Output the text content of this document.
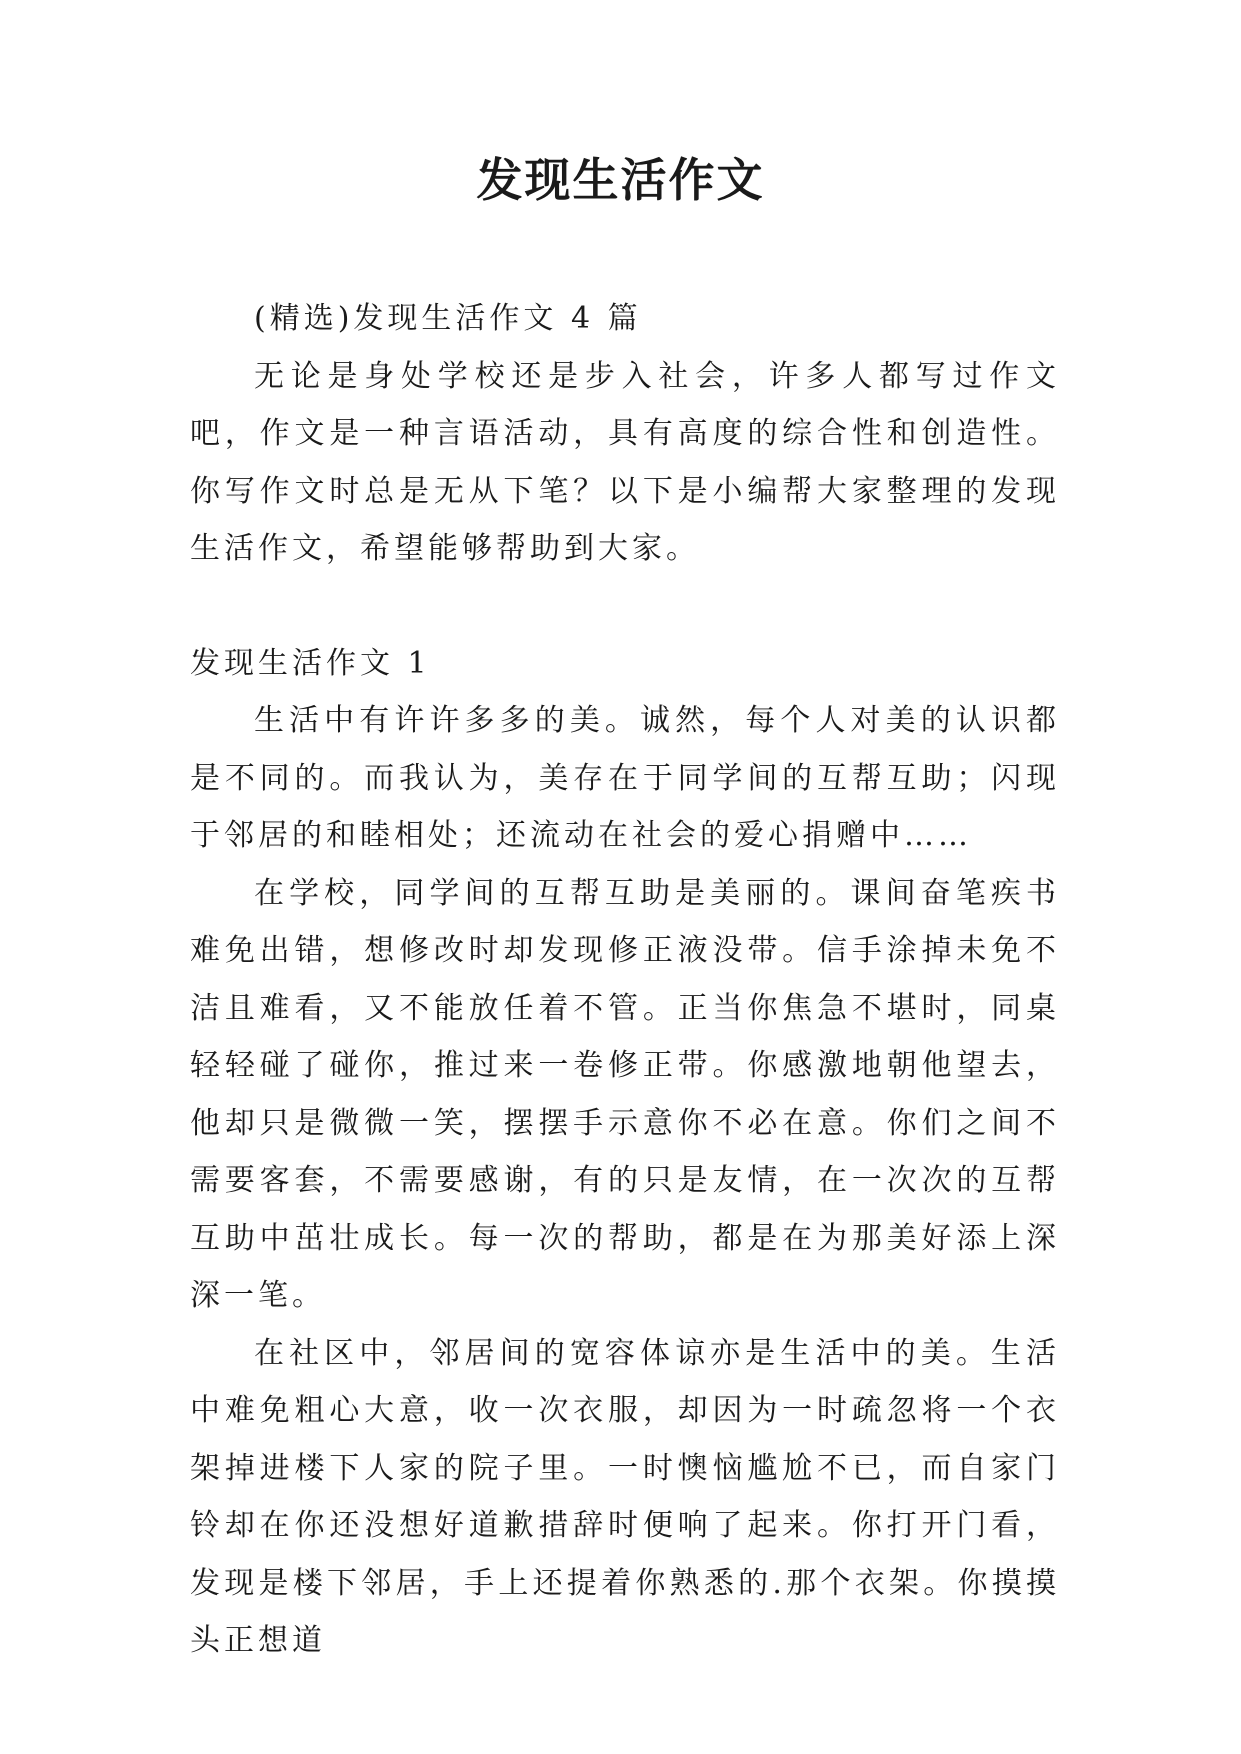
发现生活作文

(精选)发现生活作文 4 篇

无论是身处学校还是步入社会，许多人都写过作文吧，作文是一种言语活动，具有高度的综合性和创造性。你写作文时总是无从下笔？以下是小编帮大家整理的发现生活作文，希望能够帮助到大家。

发现生活作文 1

生活中有许许多多的美。诚然，每个人对美的认识都是不同的。而我认为，美存在于同学间的互帮互助；闪现于邻居的和睦相处；还流动在社会的爱心捐赠中……

在学校，同学间的互帮互助是美丽的。课间奋笔疾书难免出错，想修改时却发现修正液没带。信手涂掉未免不洁且难看，又不能放任着不管。正当你焦急不堪时，同桌轻轻碰了碰你，推过来一卷修正带。你感激地朝他望去，他却只是微微一笑，摆摆手示意你不必在意。你们之间不需要客套，不需要感谢，有的只是友情，在一次次的互帮互助中茁壮成长。每一次的帮助，都是在为那美好添上深深一笔。

在社区中，邻居间的宽容体谅亦是生活中的美。生活中难免粗心大意，收一次衣服，却因为一时疏忽将一个衣架掉进楼下人家的院子里。一时懊恼尴尬不已，而自家门铃却在你还没想好道歉措辞时便响了起来。你打开门看，发现是楼下邻居，手上还提着你熟悉的.那个衣架。你摸摸头正想道
